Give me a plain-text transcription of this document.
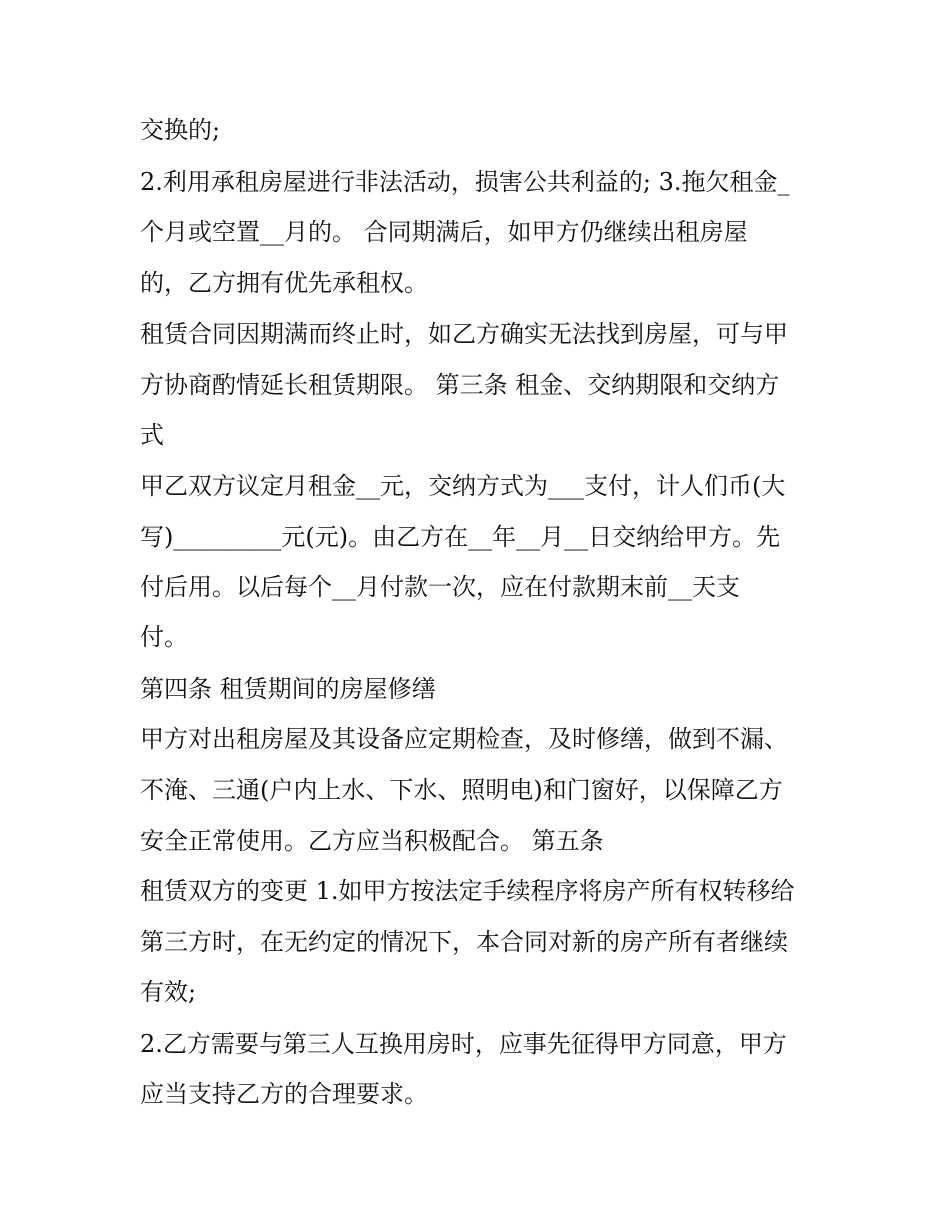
交换的;
2.利用承租房屋进行非法活动，损害公共利益的; 3.拖欠租金_
个月或空置__月的。 合同期满后，如甲方仍继续出租房屋
的，乙方拥有优先承租权。
租赁合同因期满而终止时，如乙方确实无法找到房屋，可与甲
方协商酌情延长租赁期限。 第三条 租金、交纳期限和交纳方
式
甲乙双方议定月租金__元，交纳方式为___支付，计人们币(大
写)_________元(元)。由乙方在__年__月__日交纳给甲方。先
付后用。以后每个__月付款一次，应在付款期末前__天支
付。
第四条 租赁期间的房屋修缮
甲方对出租房屋及其设备应定期检查，及时修缮，做到不漏、
不淹、三通(户内上水、下水、照明电)和门窗好，以保障乙方
安全正常使用。乙方应当积极配合。 第五条
租赁双方的变更 1.如甲方按法定手续程序将房产所有权转移给
第三方时，在无约定的情况下，本合同对新的房产所有者继续
有效;
2.乙方需要与第三人互换用房时，应事先征得甲方同意，甲方
应当支持乙方的合理要求。
